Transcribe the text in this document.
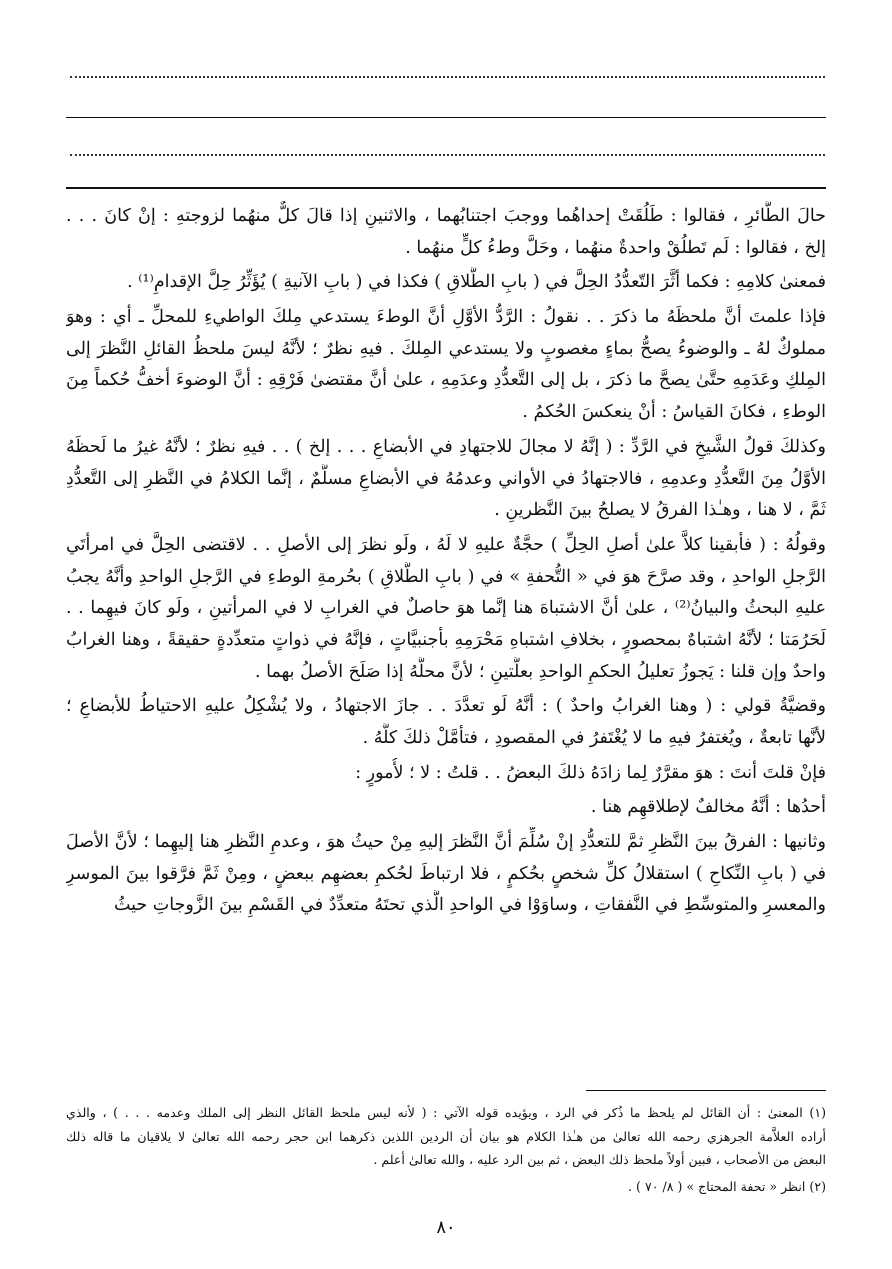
حالَ الطَّائرِ ، فقالوا : طَلُقَتْ إحداهُما ووجبَ اجتنابُهما ، والاثنينِ إذا قالَ كلٌّ منهُما لزوجتهِ : إنْ كانَ . . .
إلخ ، فقالوا : لَم تَطلُقْ واحدةٌ منهُما ، وحَلَّ وطءُ كلٍّ منهُما .
فمعنىٰ كلامِهِ : فكما أثَّرَ التّعدُّدُ الحِلَّ في ( بابِ الطَّلاقِ ) فكذا في ( بابِ الآنيةِ ) يُؤَثِّرُ حِلَّ الإقدامِ⁽¹⁾ .
فإذا علمتَ أنَّ ملحظَهُ ما ذكرَ . . نقولُ : الرَّدُّ الأوَّلِ أنَّ الوطءَ يستدعي مِلكَ الواطيءِ للمحلِّ ـ أي : وهوَ
مملوكٌ لهُ ـ والوضوءُ يصحُّ بماءٍ مغصوبٍ ولا يستدعي المِلكَ . فيهِ نظرٌ ؛ لأنَّهُ ليسَ ملحظُ القائلِ النَّظرَ إلى
المِلكِ وعَدَمِهِ حتَّىٰ يصحَّ ما ذكرَ ، بل إلى التَّعدُّدِ وعدَمِهِ ، علىٰ أنَّ مقتضىٰ فَرْقِهِ : أنَّ الوضوءَ أخفُّ حُكماً مِنَ
الوطءِ ، فكانَ القياسُ : أنْ ينعكسَ الحُكمُ .
وكذلكَ قولُ الشَّيخِ في الرَّدِّ : ( إنَّهُ لا مجالَ للاجتهادِ في الأبضاعِ . . . إلخ ) . . فيهِ نظرٌ ؛ لأنَّهُ غيرُ ما لَحظَهُ
الأوَّلُ مِنَ التَّعدُّدِ وعدمِهِ ، فالاجتهادُ في الأواني وعدمُهُ في الأبضاعِ مسلَّمٌ ، إنَّما الكلامُ في النَّظرِ إلى التَّعدُّدِ
ثَمَّ ، لا هنا ، وهـٰذا الفرقُ لا يصلحُ بينَ النَّظرينِ .
وقولُهُ : ( فأبقينا كلاًّ علىٰ أصلِ الحِلِّ ) حجَّةٌ عليهِ لا لَهُ ، ولَو نظرَ إلى الأصلِ . . لاقتضى الحِلَّ في امرأتَي
الرَّجلِ الواحدِ ، وقد صرَّحَ هوَ في « التُّحفةِ » في ( بابِ الطَّلاقِ ) بحُرمةِ الوطءِ في الرَّجلِ الواحدِ وأنَّهُ يجبُ
عليهِ البحثُ والبيانُ⁽²⁾ ، علىٰ أنَّ الاشتباهَ هنا إنَّما هوَ حاصلٌ في الغرابِ لا في المرأتينِ ، ولَو كانَ فيهِما . .
لَحَرُمَتا ؛ لأنَّهُ اشتباهٌ بمحصورٍ ، بخلافِ اشتباهِ مَحْرَمِهِ بأجنبيَّاتٍ ، فإنَّهُ في ذواتٍ متعدِّدةٍ حقيقةً ، وهنا الغرابُ
واحدٌ وإن قلنا : يَجوزُ تعليلُ الحكمِ الواحدِ بعلَّتينِ ؛ لأنَّ محلَّهُ إذا صَلَحَ الأصلُ بهما .
وقضيَّةُ قولي : ( وهنا الغرابُ واحدٌ ) : أنَّهُ لَو تعدَّدَ . . جازَ الاجتهادُ ، ولا يُشْكِلُ عليهِ الاحتياطُ للأبضاعِ ؛
لأنَّها تابعةٌ ، ويُغتفرُ فيهِ ما لا يُغْتَفرُ في المقصودِ ، فتأمَّلْ ذلكَ كلَّهُ .
فإنْ قلتَ أنتَ : هوَ مقرَّرٌ لِما زادَهُ ذلكَ البعضُ . . قلتُ : لا ؛ لأُمورٍ :
أحدُها : أنَّهُ مخالفٌ لإطلاقهِم هنا .
وثانيها : الفرقُ بينَ النَّظرِ ثمَّ للتعدُّدِ إنْ سُلِّمَ أنَّ النَّظرَ إليهِ مِنْ حيثُ هوَ ، وعدمِ النَّظرِ هنا إليهِما ؛ لأنَّ الأصلَ
في ( بابِ النِّكاحِ ) استقلالُ كلِّ شخصٍ بحُكمٍ ، فلا ارتباطَ لحُكمِ بعضهِم ببعضٍ ، ومِنْ ثَمَّ فرَّقوا بينَ الموسرِ
والمعسرِ والمتوسِّطِ في النَّفقاتِ ، وساوَوْا في الواحدِ الَّذي تحتَهُ متعدِّدٌ في القَسْمِ بينَ الزَّوجاتِ حيثُ
(١) المعنىٰ : أن القائل لم يلحظ ما ذُكر في الرد ، ويؤيده قوله الآتي : ( لأنه ليس ملحظ القائل النظر إلى الملك وعدمه . . . ) ، والذي
أراده العلاَّمة الجرهزي رحمه الله تعالىٰ من هـٰذا الكلام هو بيان أن الردين اللذين ذكرهما ابن حجر رحمه الله تعالىٰ لا يلاقيان ما قاله ذلك
البعض من الأصحاب ، فبين أولاً ملحظ ذلك البعض ، ثم بين الرد عليه ، والله تعالىٰ أعلم .
(٢) انظر « تحفة المحتاج » ( ٨/ ٧٠ ) .
٨٠
